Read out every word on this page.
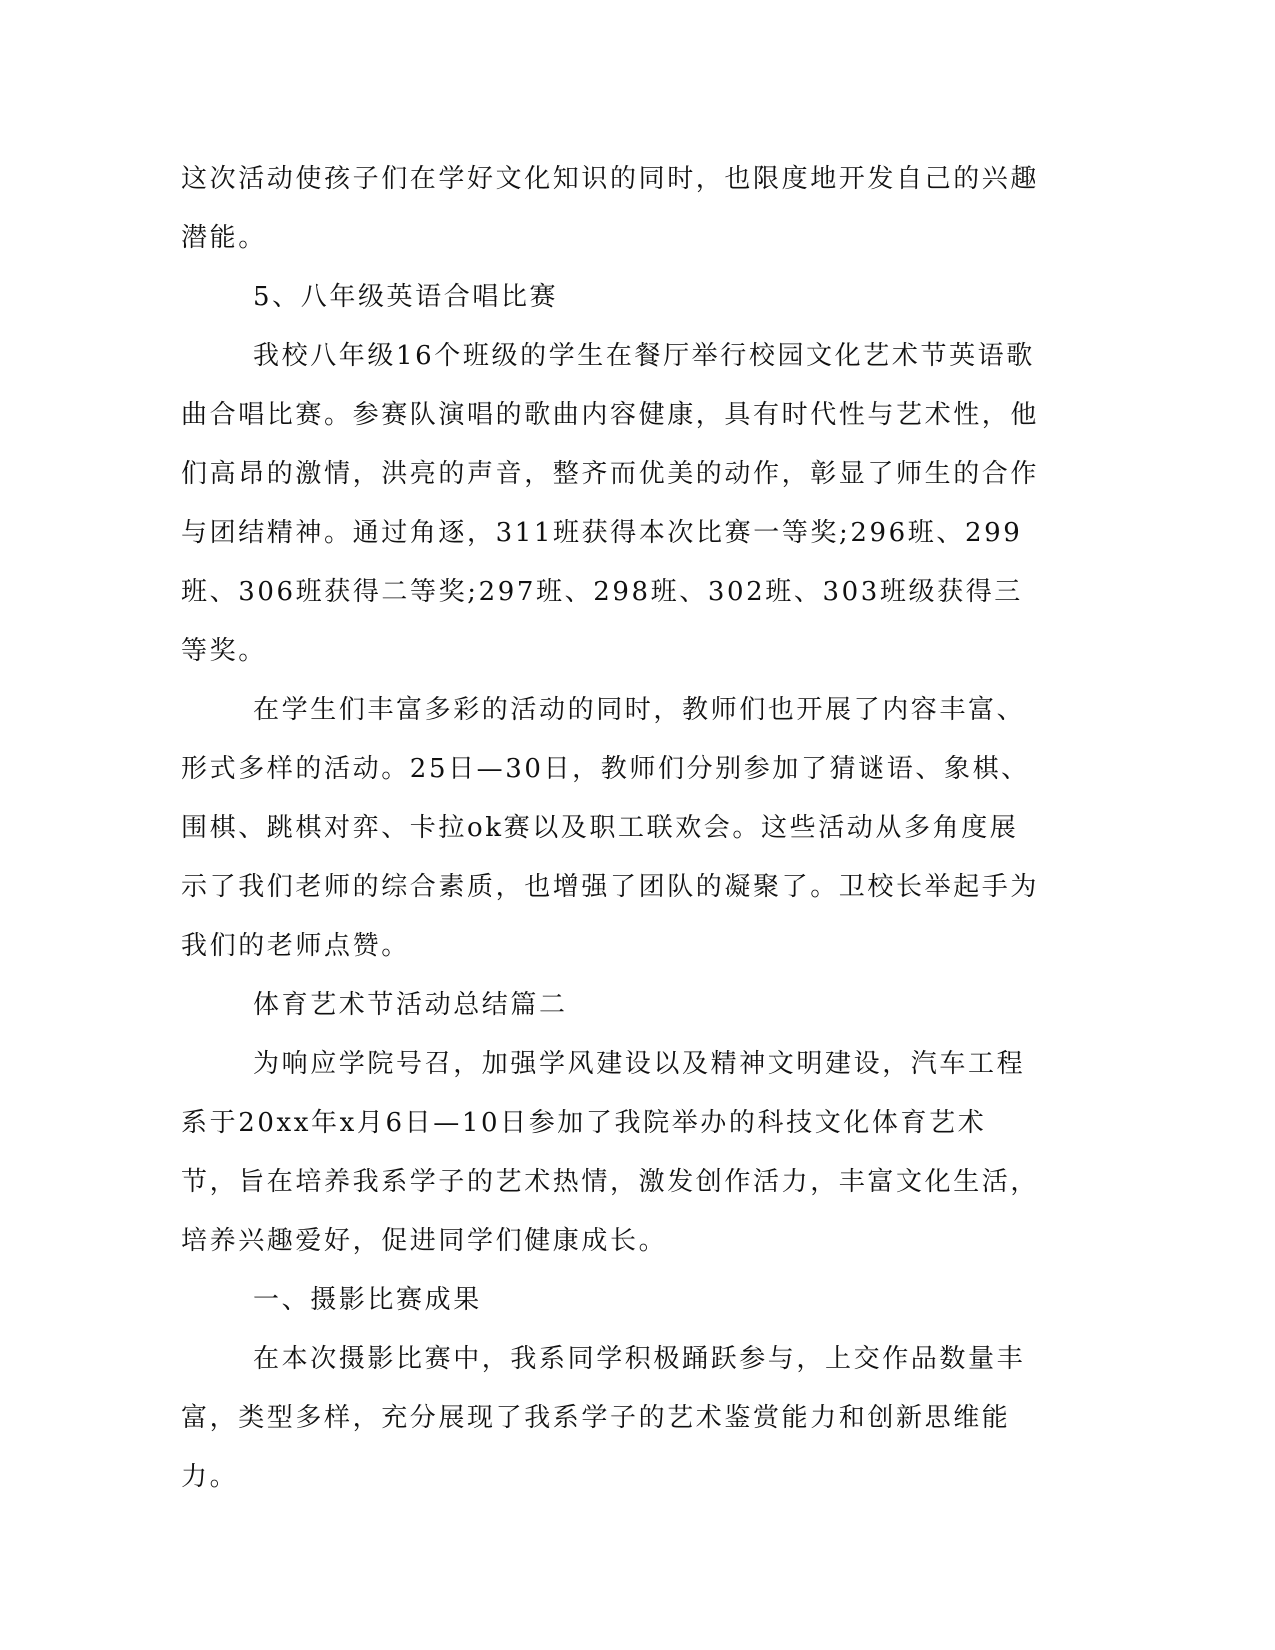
这次活动使孩子们在学好文化知识的同时，也限度地开发自己的兴趣潜能。

5、八年级英语合唱比赛

我校八年级16个班级的学生在餐厅举行校园文化艺术节英语歌曲合唱比赛。参赛队演唱的歌曲内容健康，具有时代性与艺术性，他们高昂的激情，洪亮的声音，整齐而优美的动作，彰显了师生的合作与团结精神。通过角逐，311班获得本次比赛一等奖;296班、299班、306班获得二等奖;297班、298班、302班、303班级获得三等奖。

在学生们丰富多彩的活动的同时，教师们也开展了内容丰富、形式多样的活动。25日—30日，教师们分别参加了猜谜语、象棋、围棋、跳棋对弈、卡拉ok赛以及职工联欢会。这些活动从多角度展示了我们老师的综合素质，也增强了团队的凝聚了。卫校长举起手为我们的老师点赞。

体育艺术节活动总结篇二

为响应学院号召，加强学风建设以及精神文明建设，汽车工程系于20xx年x月6日—10日参加了我院举办的科技文化体育艺术节，旨在培养我系学子的艺术热情，激发创作活力，丰富文化生活，培养兴趣爱好，促进同学们健康成长。

一、摄影比赛成果

在本次摄影比赛中，我系同学积极踊跃参与，上交作品数量丰富，类型多样，充分展现了我系学子的艺术鉴赏能力和创新思维能力。
